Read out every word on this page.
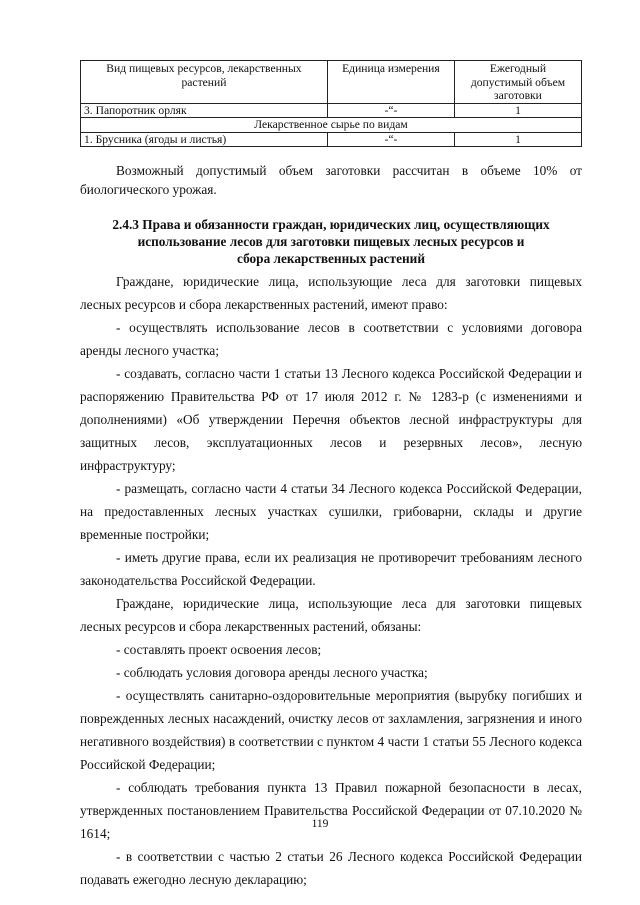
Вид пищевых ресурсов, лекарственных растений	Единица измерения	Ежегодный допустимый объем заготовки
3. Папоротник орляк	-“-	1
Лекарственное сырье по видам		
1. Брусника (ягоды и листья)	-“-	1

Возможный допустимый объем заготовки рассчитан в объеме 10% от биологического урожая.

2.4.3 Права и обязанности граждан, юридических лиц, осуществляющих
использование лесов для заготовки пищевых лесных ресурсов и
сбора лекарственных растений

Граждане, юридические лица, использующие леса для заготовки пищевых лесных ресурсов и сбора лекарственных растений, имеют право:

- осуществлять использование лесов в соответствии с условиями договора аренды лесного участка;

- создавать, согласно части 1 статьи 13 Лесного кодекса Российской Федерации и распоряжению Правительства РФ от 17 июля 2012 г. № 1283-р (с изменениями и дополнениями) «Об утверждении Перечня объектов лесной инфраструктуры для защитных лесов, эксплуатационных лесов и резервных лесов», лесную инфраструктуру;

- размещать, согласно части 4 статьи 34 Лесного кодекса Российской Федерации, на предоставленных лесных участках сушилки, грибоварни, склады и другие временные постройки;

- иметь другие права, если их реализация не противоречит требованиям лесного законодательства Российской Федерации.

Граждане, юридические лица, использующие леса для заготовки пищевых лесных ресурсов и сбора лекарственных растений, обязаны:

- составлять проект освоения лесов;

- соблюдать условия договора аренды лесного участка;

- осуществлять санитарно-оздоровительные мероприятия (вырубку погибших и поврежденных лесных насаждений, очистку лесов от захламления, загрязнения и иного негативного воздействия) в соответствии с пунктом 4 части 1 статьи 55 Лесного кодекса Российской Федерации;

- соблюдать требования пункта 13 Правил пожарной безопасности в лесах, утвержденных постановлением Правительства Российской Федерации от 07.10.2020 № 1614;

- в соответствии с частью 2 статьи 26 Лесного кодекса Российской Федерации подавать ежегодно лесную декларацию;

119
